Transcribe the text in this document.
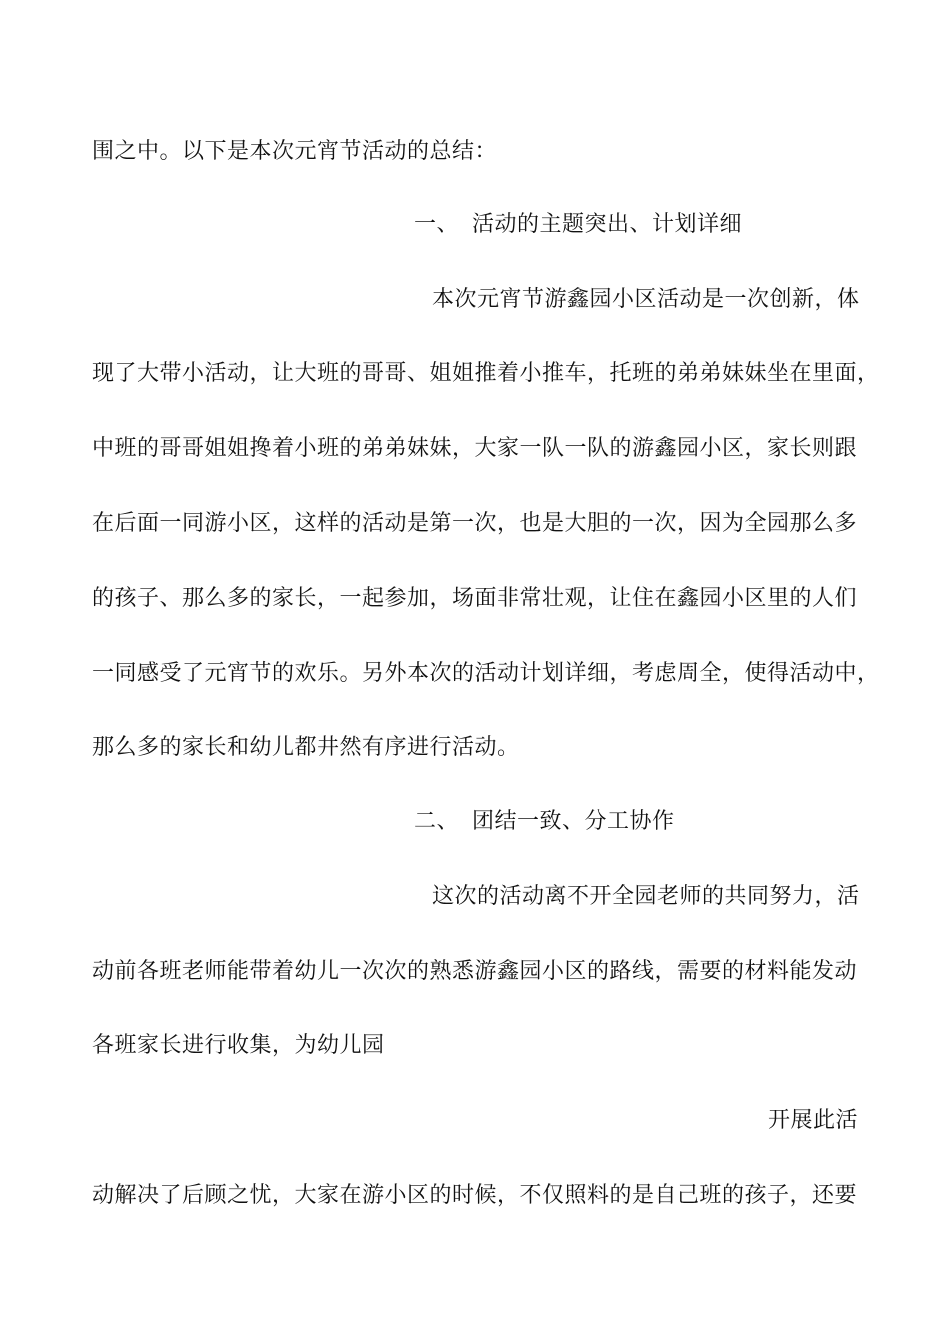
围之中。以下是本次元宵节活动的总结：
一、 活动的主题突出、计划详细
本次元宵节游鑫园小区活动是一次创新，体
现了大带小活动，让大班的哥哥、姐姐推着小推车，托班的弟弟妹妹坐在里面，
中班的哥哥姐姐搀着小班的弟弟妹妹，大家一队一队的游鑫园小区，家长则跟
在后面一同游小区，这样的活动是第一次，也是大胆的一次，因为全园那么多
的孩子、那么多的家长，一起参加，场面非常壮观，让住在鑫园小区里的人们
一同感受了元宵节的欢乐。另外本次的活动计划详细，考虑周全，使得活动中，
那么多的家长和幼儿都井然有序进行活动。
二、 团结一致、分工协作
这次的活动离不开全园老师的共同努力，活
动前各班老师能带着幼儿一次次的熟悉游鑫园小区的路线，需要的材料能发动
各班家长进行收集，为幼儿园
开展此活
动解决了后顾之忧，大家在游小区的时候，不仅照料的是自己班的孩子，还要
